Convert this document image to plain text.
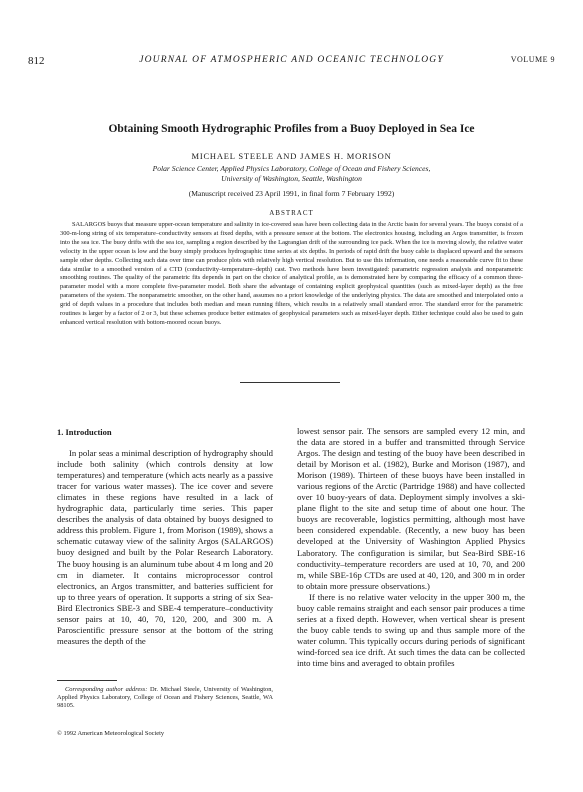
812	JOURNAL OF ATMOSPHERIC AND OCEANIC TECHNOLOGY	VOLUME 9
Obtaining Smooth Hydrographic Profiles from a Buoy Deployed in Sea Ice
MICHAEL STEELE AND JAMES H. MORISON
Polar Science Center, Applied Physics Laboratory, College of Ocean and Fishery Sciences,
University of Washington, Seattle, Washington
(Manuscript received 23 April 1991, in final form 7 February 1992)
ABSTRACT
SALARGOS buoys that measure upper-ocean temperature and salinity in ice-covered seas have been collecting data in the Arctic basin for several years. The buoys consist of a 300-m-long string of six temperature–conductivity sensors at fixed depths, with a pressure sensor at the bottom. The electronics housing, including an Argos transmitter, is frozen into the sea ice. The buoy drifts with the sea ice, sampling a region described by the Lagrangian drift of the surrounding ice pack. When the ice is moving slowly, the relative water velocity in the upper ocean is low and the buoy simply produces hydrographic time series at six depths. In periods of rapid drift the buoy cable is displaced upward and the sensors sample other depths. Collecting such data over time can produce plots with relatively high vertical resolution. But to use this information, one needs a reasonable curve fit to these data similar to a smoothed version of a CTD (conductivity–temperature–depth) cast. Two methods have been investigated: parametric regression analysis and nonparametric smoothing routines. The quality of the parametric fits depends in part on the choice of analytical profile, as is demonstrated here by comparing the efficacy of a common three-parameter model with a more complete five-parameter model. Both share the advantage of containing explicit geophysical quantities (such as mixed-layer depth) as the free parameters of the system. The nonparametric smoother, on the other hand, assumes no a priori knowledge of the underlying physics. The data are smoothed and interpolated onto a grid of depth values in a procedure that includes both median and mean running filters, which results in a relatively small standard error. The standard error for the parametric routines is larger by a factor of 2 or 3, but these schemes produce better estimates of geophysical parameters such as mixed-layer depth. Either technique could also be used to gain enhanced vertical resolution with bottom-moored ocean buoys.
1. Introduction

In polar seas a minimal description of hydrography should include both salinity (which controls density at low temperatures) and temperature (which acts nearly as a passive tracer for various water masses). The ice cover and severe climates in these regions have resulted in a lack of hydrographic data, particularly time series. This paper describes the analysis of data obtained by buoys designed to address this problem. Figure 1, from Morison (1989), shows a schematic cutaway view of the salinity Argos (SALARGOS) buoy designed and built by the Polar Research Laboratory. The buoy housing is an aluminum tube about 4 m long and 20 cm in diameter. It contains microprocessor control electronics, an Argos transmitter, and batteries sufficient for up to three years of operation. It supports a string of six Sea-Bird Electronics SBE-3 and SBE-4 temperature–conductivity sensor pairs at 10, 40, 70, 120, 200, and 300 m. A Paroscientific pressure sensor at the bottom of the string measures the depth of the

lowest sensor pair. The sensors are sampled every 12 min, and the data are stored in a buffer and transmitted through Service Argos. The design and testing of the buoy have been described in detail by Morison et al. (1982), Burke and Morison (1987), and Morison (1989). Thirteen of these buoys have been installed in various regions of the Arctic (Partridge 1988) and have collected over 10 buoy-years of data. Deployment simply involves a ski-plane flight to the site and setup time of about one hour. The buoys are recoverable, logistics permitting, although most have been considered expendable. (Recently, a new buoy has been developed at the University of Washington Applied Physics Laboratory. The configuration is similar, but Sea-Bird SBE-16 conductivity–temperature recorders are used at 10, 70, and 200 m, while SBE-16p CTDs are used at 40, 120, and 300 m in order to obtain more pressure observations.)

If there is no relative water velocity in the upper 300 m, the buoy cable remains straight and each sensor pair produces a time series at a fixed depth. However, when vertical shear is present the buoy cable tends to swing up and thus sample more of the water column. This typically occurs during periods of significant wind-forced sea ice drift. At such times the data can be collected into time bins and averaged to obtain profiles

Corresponding author address: Dr. Michael Steele, University of Washington, Applied Physics Laboratory, College of Ocean and Fishery Sciences, Seattle, WA 98105.
© 1992 American Meteorological Society
